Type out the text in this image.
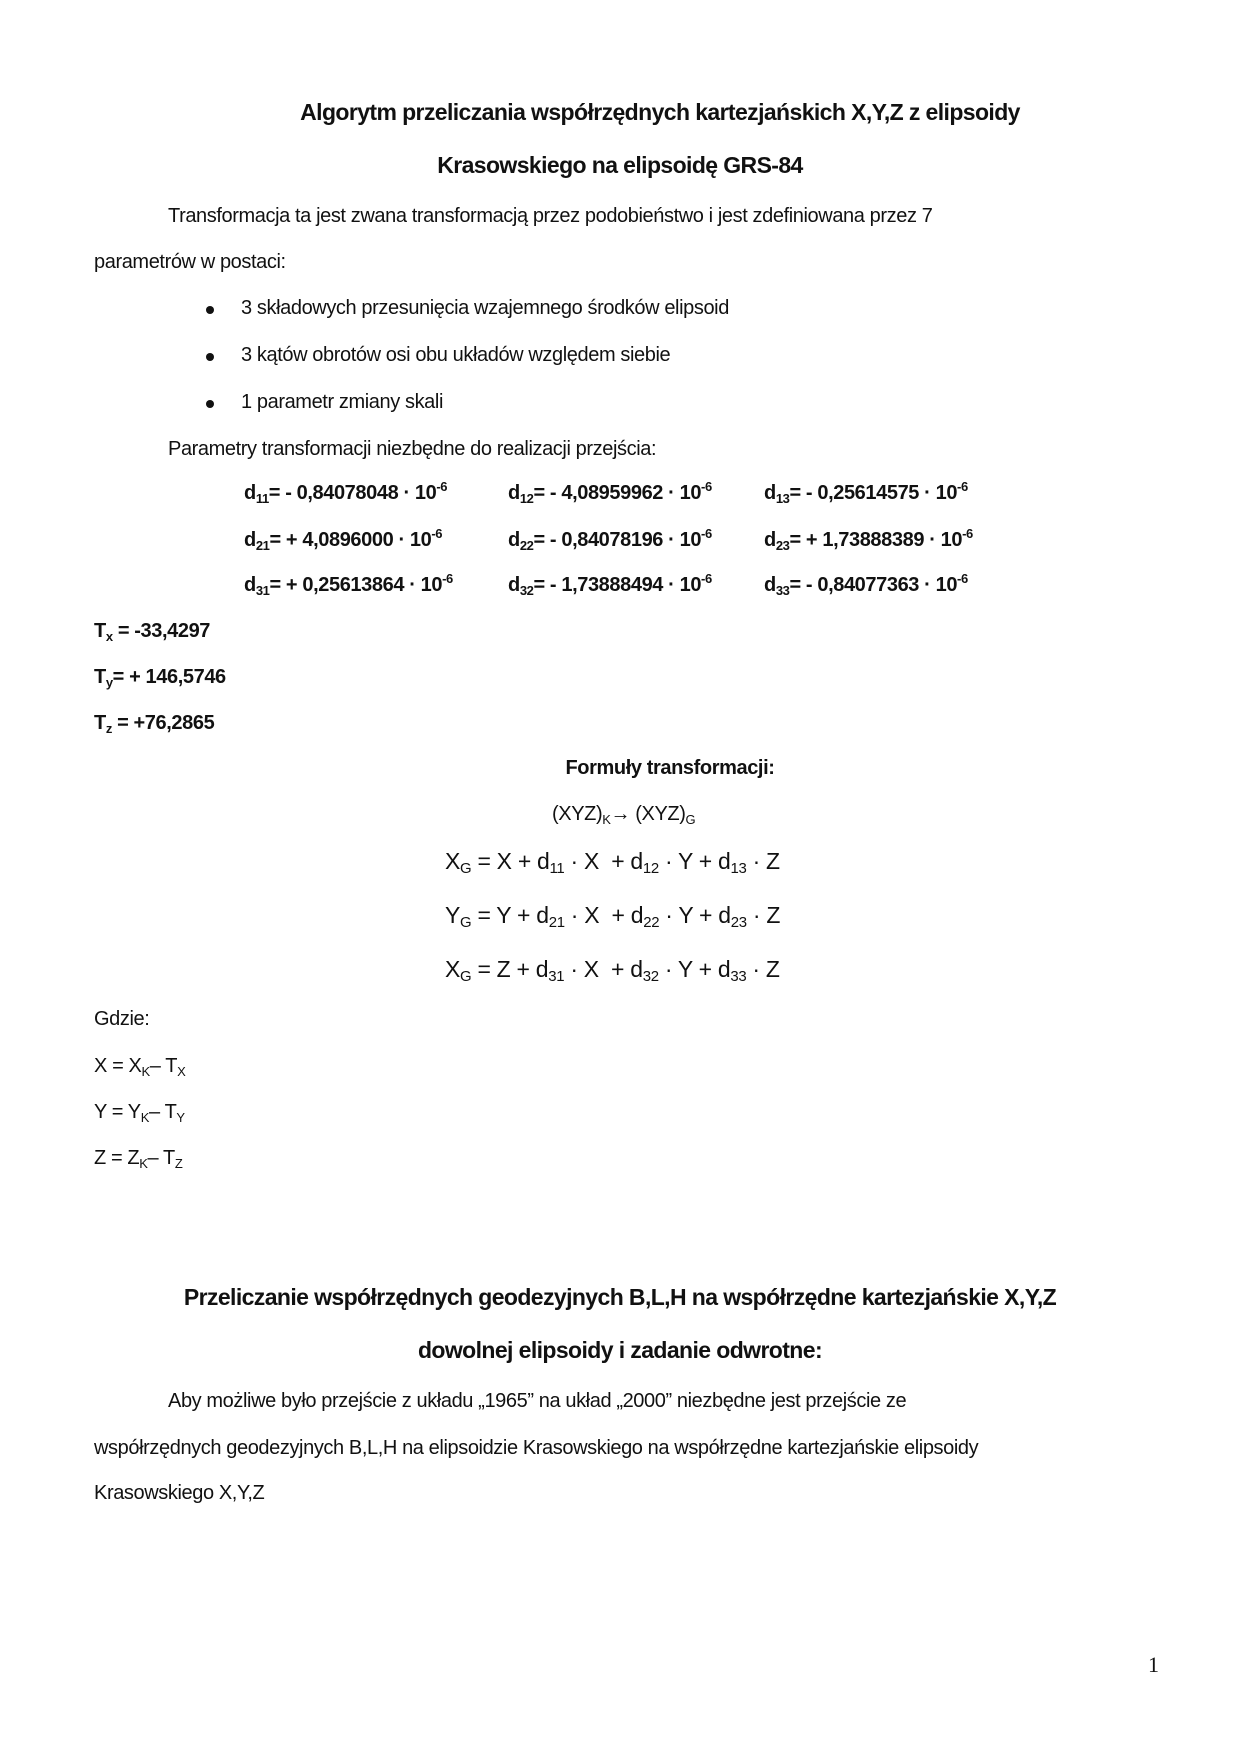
Algorytm przeliczania współrzędnych kartezjańskich X,Y,Z z elipsoidy
Krasowskiego na elipsoidę GRS-84
Transformacja ta jest zwana transformacją przez podobieństwo i jest zdefiniowana przez 7
parametrów w postaci:
3 składowych przesunięcia wzajemnego środków elipsoid
3 kątów obrotów osi obu układów względem siebie
1 parametr zmiany skali
Parametry transformacji niezbędne do realizacji przejścia:
$d_{11}= - 0,84078048 \cdot 10^{-6}$	$d_{12}= - 4,08959962 \cdot 10^{-6}$	$d_{13}= - 0,25614575 \cdot 10^{-6}$
$d_{21}= + 4,0896000 \cdot 10^{-6}$	$d_{22}= - 0,84078196 \cdot 10^{-6}$	$d_{23}= + 1,73888389 \cdot 10^{-6}$
$d_{31}= + 0,25613864 \cdot 10^{-6}$	$d_{32}= - 1,73888494 \cdot 10^{-6}$	$d_{33}= - 0,84077363 \cdot 10^{-6}$
$T_x = -33,4297$
$T_y= + 146,5746$
$T_z = +76,2865$
Formuły transformacji:
$(XYZ)_K\to (XYZ)_G$
$X_G = X + d_{11} \cdot X + d_{12} \cdot Y + d_{13} \cdot Z$
$Y_G = Y + d_{21} \cdot X + d_{22} \cdot Y + d_{23} \cdot Z$
$X_G = Z + d_{31} \cdot X + d_{32} \cdot Y + d_{33} \cdot Z$
Gdzie:
$X = X_K-$ $T_X$
$Y = Y_K-$ $T_Y$
$Z = Z_K-$ $T_Z$
Przeliczanie współrzędnych geodezyjnych B,L,H na współrzędne kartezjańskie X,Y,Z
dowolnej elipsoidy i zadanie odwrotne:
Aby możliwe było przejście z układu „1965” na układ „2000” niezbędne jest przejście ze
współrzędnych geodezyjnych B,L,H na elipsoidzie Krasowskiego na współrzędne kartezjańskie elipsoidy
Krasowskiego X,Y,Z
1
